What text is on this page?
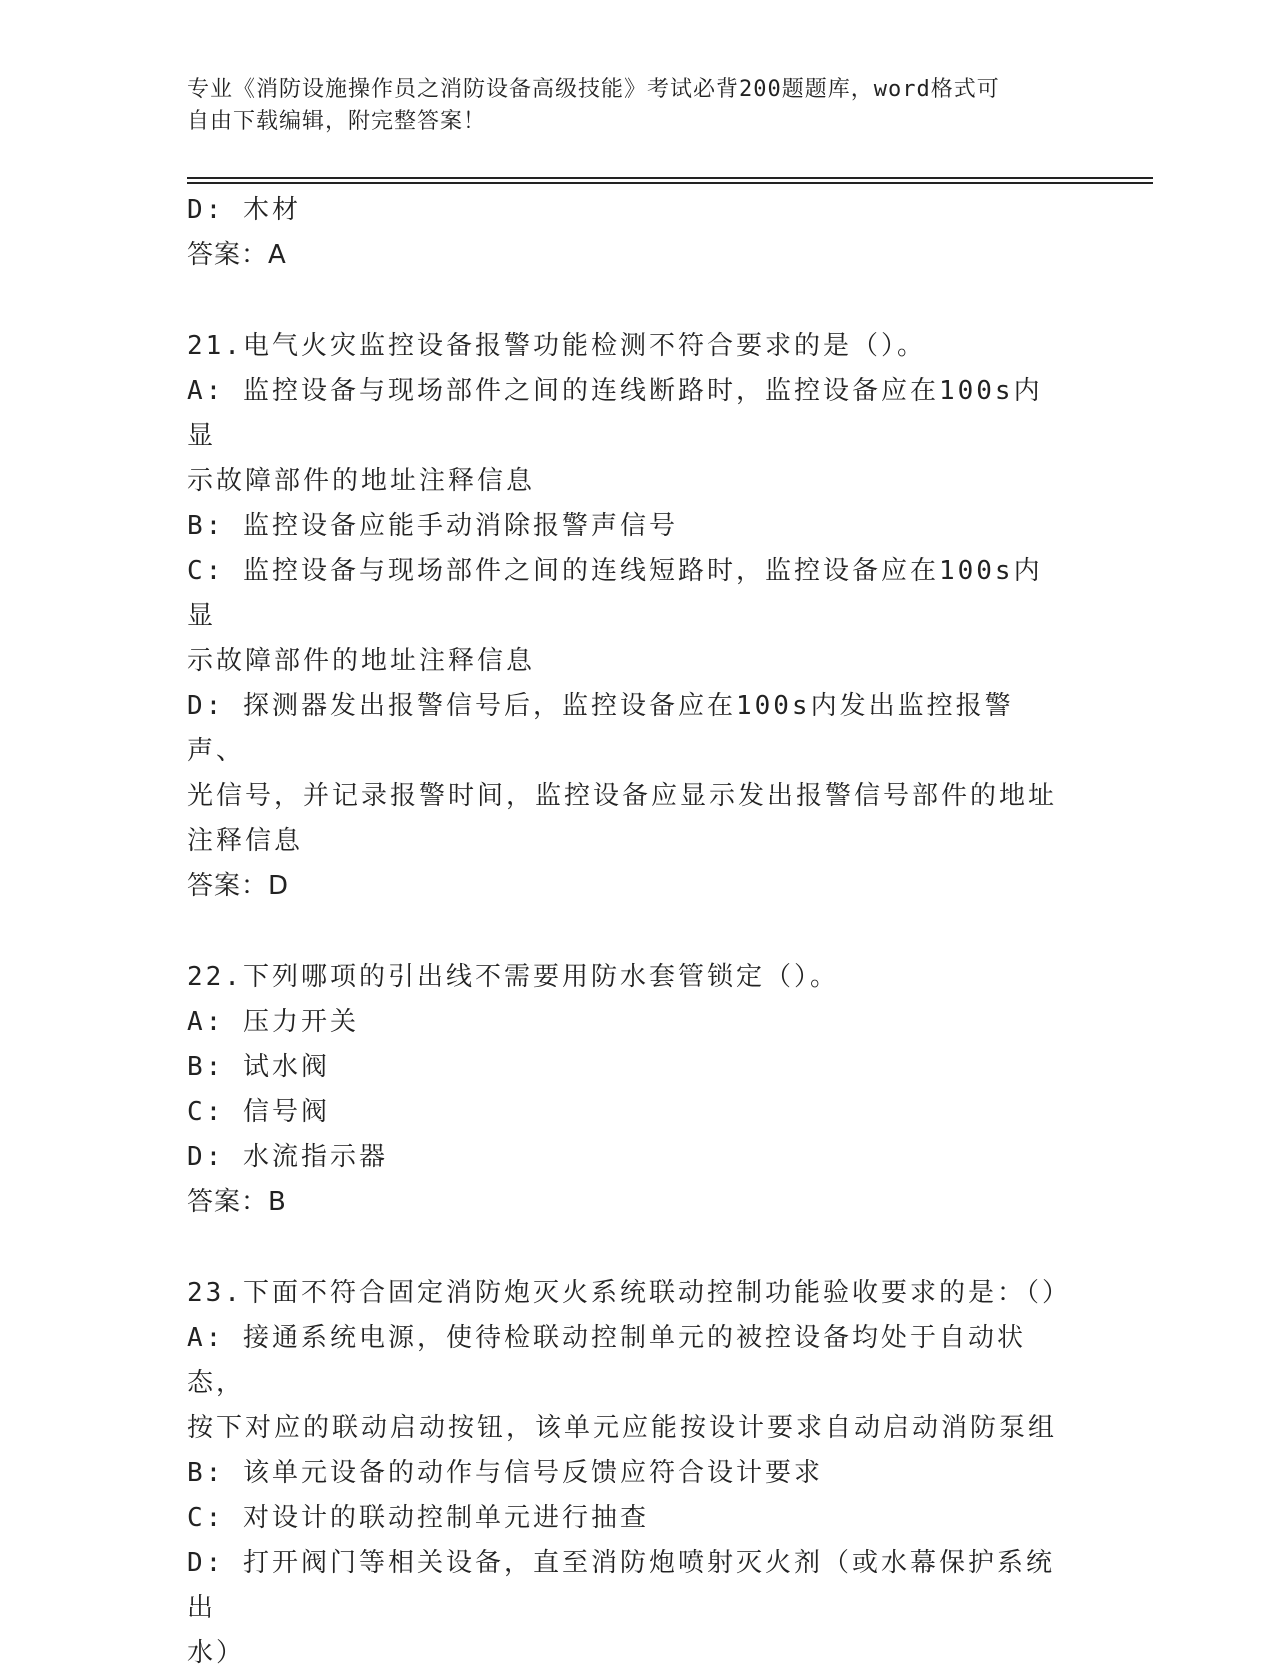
专业《消防设施操作员之消防设备高级技能》考试必背200题题库，word格式可
自由下载编辑，附完整答案！
D: 木材
答案：A
21.电气火灾监控设备报警功能检测不符合要求的是（）。
A: 监控设备与现场部件之间的连线断路时，监控设备应在100s内显
示故障部件的地址注释信息
B: 监控设备应能手动消除报警声信号
C: 监控设备与现场部件之间的连线短路时，监控设备应在100s内显
示故障部件的地址注释信息
D: 探测器发出报警信号后，监控设备应在100s内发出监控报警声、
光信号，并记录报警时间，监控设备应显示发出报警信号部件的地址
注释信息
答案：D
22.下列哪项的引出线不需要用防水套管锁定（）。
A: 压力开关
B: 试水阀
C: 信号阀
D: 水流指示器
答案：B
23.下面不符合固定消防炮灭火系统联动控制功能验收要求的是：（）
A: 接通系统电源，使待检联动控制单元的被控设备均处于自动状态，
按下对应的联动启动按钮，该单元应能按设计要求自动启动消防泵组
B: 该单元设备的动作与信号反馈应符合设计要求
C: 对设计的联动控制单元进行抽查
D: 打开阀门等相关设备，直至消防炮喷射灭火剂（或水幕保护系统出
水）
